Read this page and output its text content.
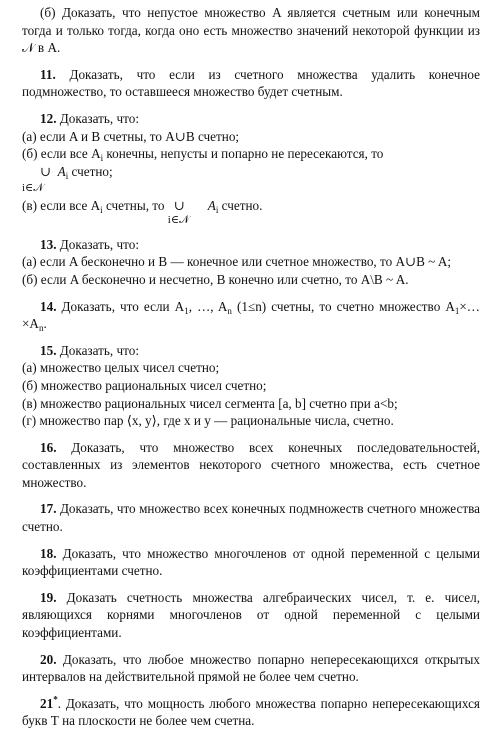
(б) Доказать, что непустое множество A является счетным или конечным тогда и только тогда, когда оно есть множество значений некоторой функции из 𝒩 в A.

11. Доказать, что если из счетного множества удалить конечное подмножество, то оставшееся множество будет счетным.

12. Доказать, что:

(а) если A и B счетны, то A∪B счетно;

(б) если все $A_i$ конечны, непусты и попарно не пересекаются, то

∪ $A_i$ счетно;
i∈𝒩

(в) если все $A_i$ счетны, то ∪
i∈𝒩
$A_i$ счетно.

13. Доказать, что:

(а) если A бесконечно и B — конечное или счетное множество, то A∪B ~ A;

(б) если A бесконечно и несчетно, B конечно или счетно, то A\B ~ A.

14. Доказать, что если $A_1$, …, $A_n$ (1≤n) счетны, то счетно множество $A_1\times\dots\times A_n$.

15. Доказать, что:

(а) множество целых чисел счетно;

(б) множество рациональных чисел счетно;

(в) множество рациональных чисел сегмента [a, b] счетно при a<b;

(г) множество пар ⟨x, y⟩, где x и y — рациональные числа, счетно.

16. Доказать, что множество всех конечных последовательностей, составленных из элементов некоторого счетного множества, есть счетное множество.

17. Доказать, что множество всех конечных подмножеств счетного множества счетно.

18. Доказать, что множество многочленов от одной переменной с целыми коэффициентами счетно.

19. Доказать счетность множества алгебраических чисел, т. е. чисел, являющихся корнями многочленов от одной переменной с целыми коэффициентами.

20. Доказать, что любое множество попарно непересекающихся открытых интервалов на действительной прямой не более чем счетно.

21*. Доказать, что мощность любого множества попарно непересекающихся букв Т на плоскости не более чем счетна.
